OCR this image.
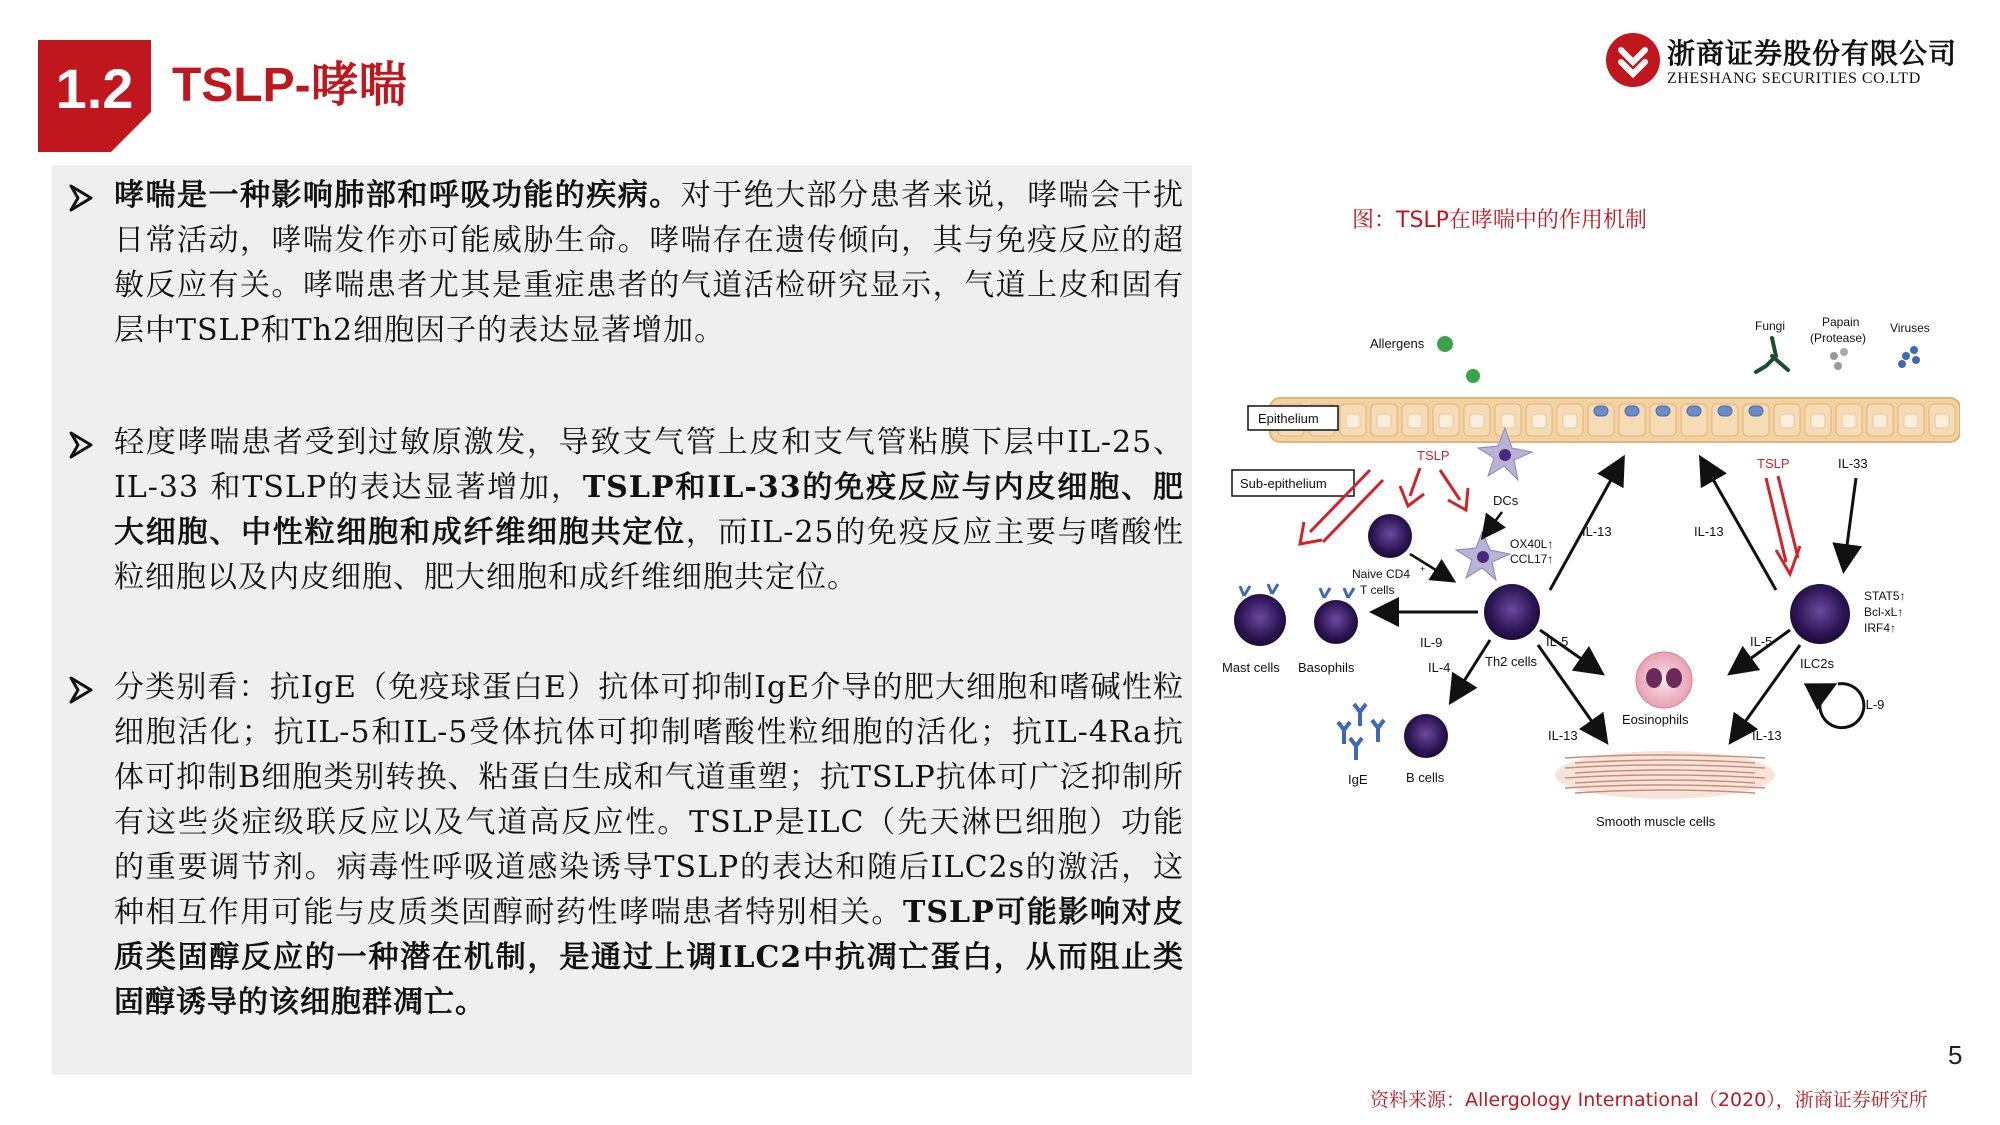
1.2 TSLP-哮喘
浙商证券股份有限公司
ZHESHANG SECURITIES CO.LTD
哮喘是一种影响肺部和呼吸功能的疾病。对于绝大部分患者来说，哮喘会干扰日常活动，哮喘发作亦可能威胁生命。哮喘存在遗传倾向，其与免疫反应的超敏反应有关。哮喘患者尤其是重症患者的气道活检研究显示，气道上皮和固有层中TSLP和Th2细胞因子的表达显著增加。
轻度哮喘患者受到过敏原激发，导致支气管上皮和支气管粘膜下层中IL-25、IL-33 和TSLP的表达显著增加，TSLP和IL-33的免疫反应与内皮细胞、肥大细胞、中性粒细胞和成纤维细胞共定位，而IL-25的免疫反应主要与嗜酸性粒细胞以及内皮细胞、肥大细胞和成纤维细胞共定位。
分类别看：抗IgE（免疫球蛋白E）抗体可抑制IgE介导的肥大细胞和嗜碱性粒细胞活化；抗IL-5和IL-5受体抗体可抑制嗜酸性粒细胞的活化；抗IL-4Ra抗体可抑制B细胞类别转换、粘蛋白生成和气道重塑；抗TSLP抗体可广泛抑制所有这些炎症级联反应以及气道高反应性。TSLP是ILC（先天淋巴细胞）功能的重要调节剂。病毒性呼吸道感染诱导TSLP的表达和随后ILC2s的激活，这种相互作用可能与皮质类固醇耐药性哮喘患者特别相关。TSLP可能影响对皮质类固醇反应的一种潜在机制，是通过上调ILC2中抗凋亡蛋白，从而阻止类固醇诱导的该细胞群凋亡。
图：TSLP在哮喘中的作用机制
Allergens
Fungi	Papain
(Protease)
Viruses
Epithelium
Sub-epithelium
DCs
OX40L↑
CCL17↑
TSLP
Naive CD4 +
T cells
Th2 cells
IL-13	IL-13
IL-9
Mast cells Basophils	IL-4
B cells
IgE
TSLP	IL-33
STAT5↑
Bcl-xL↑
IRF4↑
ILC2s
IL-9
IL-5	IL-5
Eosinophils
IL-13	IL-13
Smooth muscle cells
资料来源：Allergology International（2020），浙商证券研究所
5
